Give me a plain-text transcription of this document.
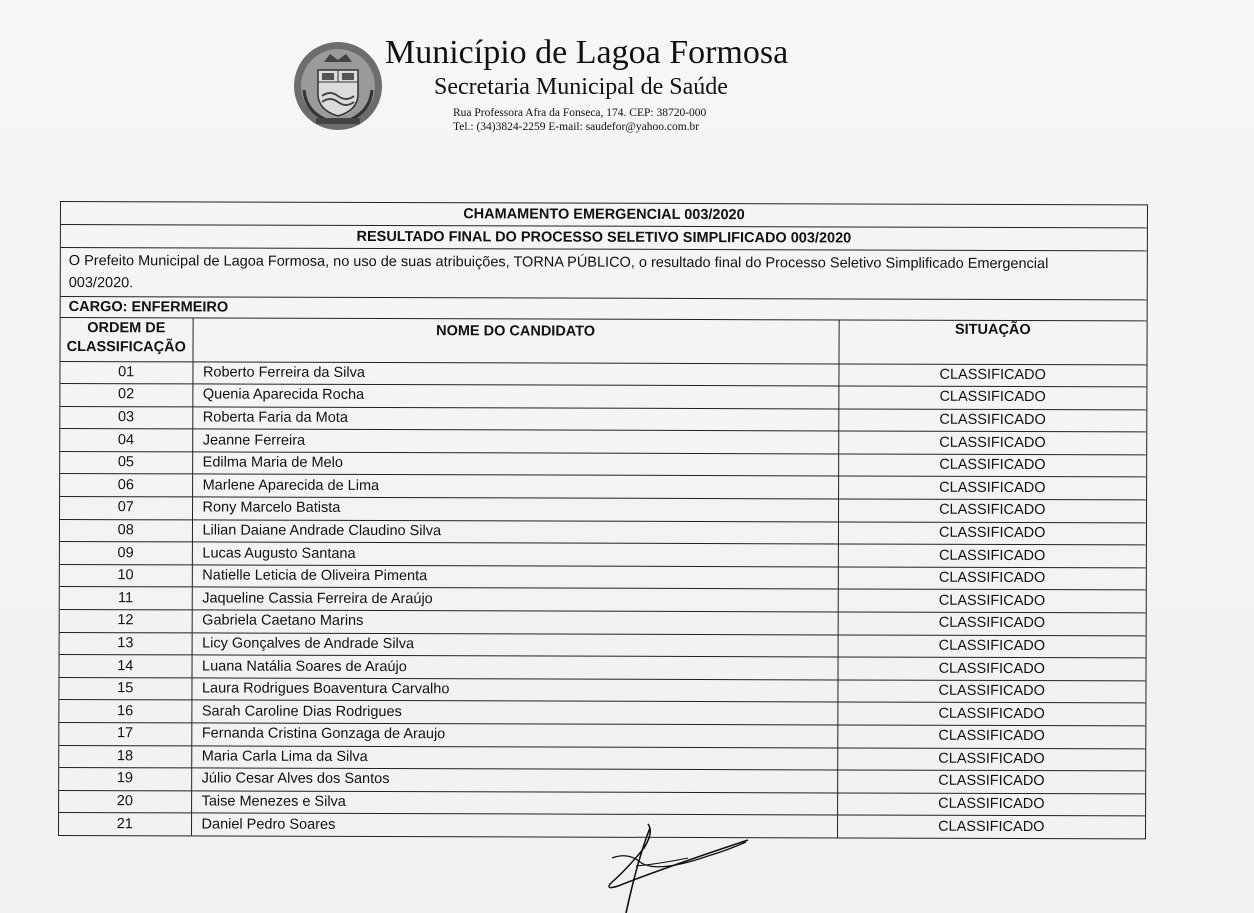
Município de Lagoa Formosa
Secretaria Municipal de Saúde
Rua Professora Afra da Fonseca, 174. CEP: 38720-000
Tel.: (34)3824-2259 E-mail: saudefor@yahoo.com.br
CHAMAMENTO EMERGENCIAL 003/2020
RESULTADO FINAL DO PROCESSO SELETIVO SIMPLIFICADO 003/2020
O Prefeito Municipal de Lagoa Formosa, no uso de suas atribuições, TORNA PÚBLICO, o resultado final do Processo Seletivo Simplificado Emergencial
003/2020.
CARGO: ENFERMEIRO
ORDEM DE
CLASSIFICAÇÃO	NOME DO CANDIDATO	SITUAÇÃO
01	Roberto Ferreira da Silva	CLASSIFICADO
02	Quenia Aparecida Rocha	CLASSIFICADO
03	Roberta Faria da Mota	CLASSIFICADO
04	Jeanne Ferreira	CLASSIFICADO
05	Edilma Maria de Melo	CLASSIFICADO
06	Marlene Aparecida de Lima	CLASSIFICADO
07	Rony Marcelo Batista	CLASSIFICADO
08	Lilian Daiane Andrade Claudino Silva	CLASSIFICADO
09	Lucas Augusto Santana	CLASSIFICADO
10	Natielle Leticia de Oliveira Pimenta	CLASSIFICADO
11	Jaqueline Cassia Ferreira de Araújo	CLASSIFICADO
12	Gabriela Caetano Marins	CLASSIFICADO
13	Licy Gonçalves de Andrade Silva	CLASSIFICADO
14	Luana Natália Soares de Araújo	CLASSIFICADO
15	Laura Rodrigues Boaventura Carvalho	CLASSIFICADO
16	Sarah Caroline Dias Rodrigues	CLASSIFICADO
17	Fernanda Cristina Gonzaga de Araujo	CLASSIFICADO
18	Maria Carla Lima da Silva	CLASSIFICADO
19	Júlio Cesar Alves dos Santos	CLASSIFICADO
20	Taise Menezes e Silva	CLASSIFICADO
21	Daniel Pedro Soares	CLASSIFICADO
